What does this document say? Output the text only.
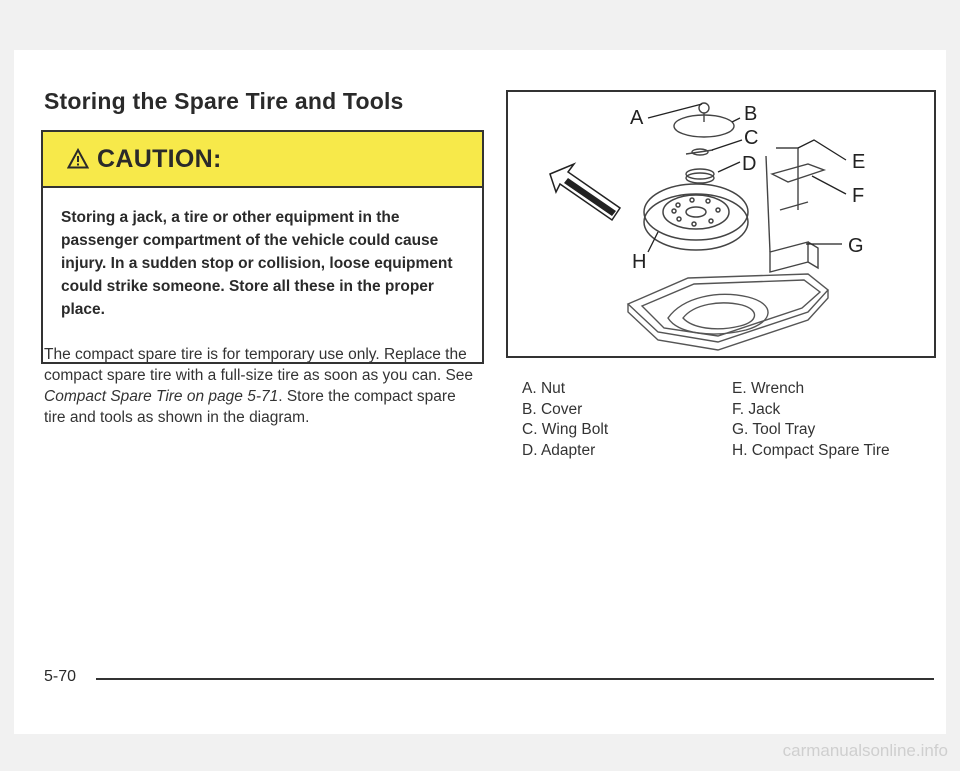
Storing the Spare Tire and Tools
CAUTION:
Storing a jack, a tire or other equipment in the passenger compartment of the vehicle could cause injury. In a sudden stop or collision, loose equipment could strike someone. Store all these in the proper place.

The compact spare tire is for temporary use only. Replace the compact spare tire with a full-size tire as soon as you can. See Compact Spare Tire on page 5-71. Store the compact spare tire and tools as shown in the diagram.

A	B
C
D	E
F
G
H
A. Nut
B. Cover
C. Wing Bolt
D. Adapter
E. Wrench
F. Jack
G. Tool Tray
H. Compact Spare Tire
5-70
carmanualsonline.info
